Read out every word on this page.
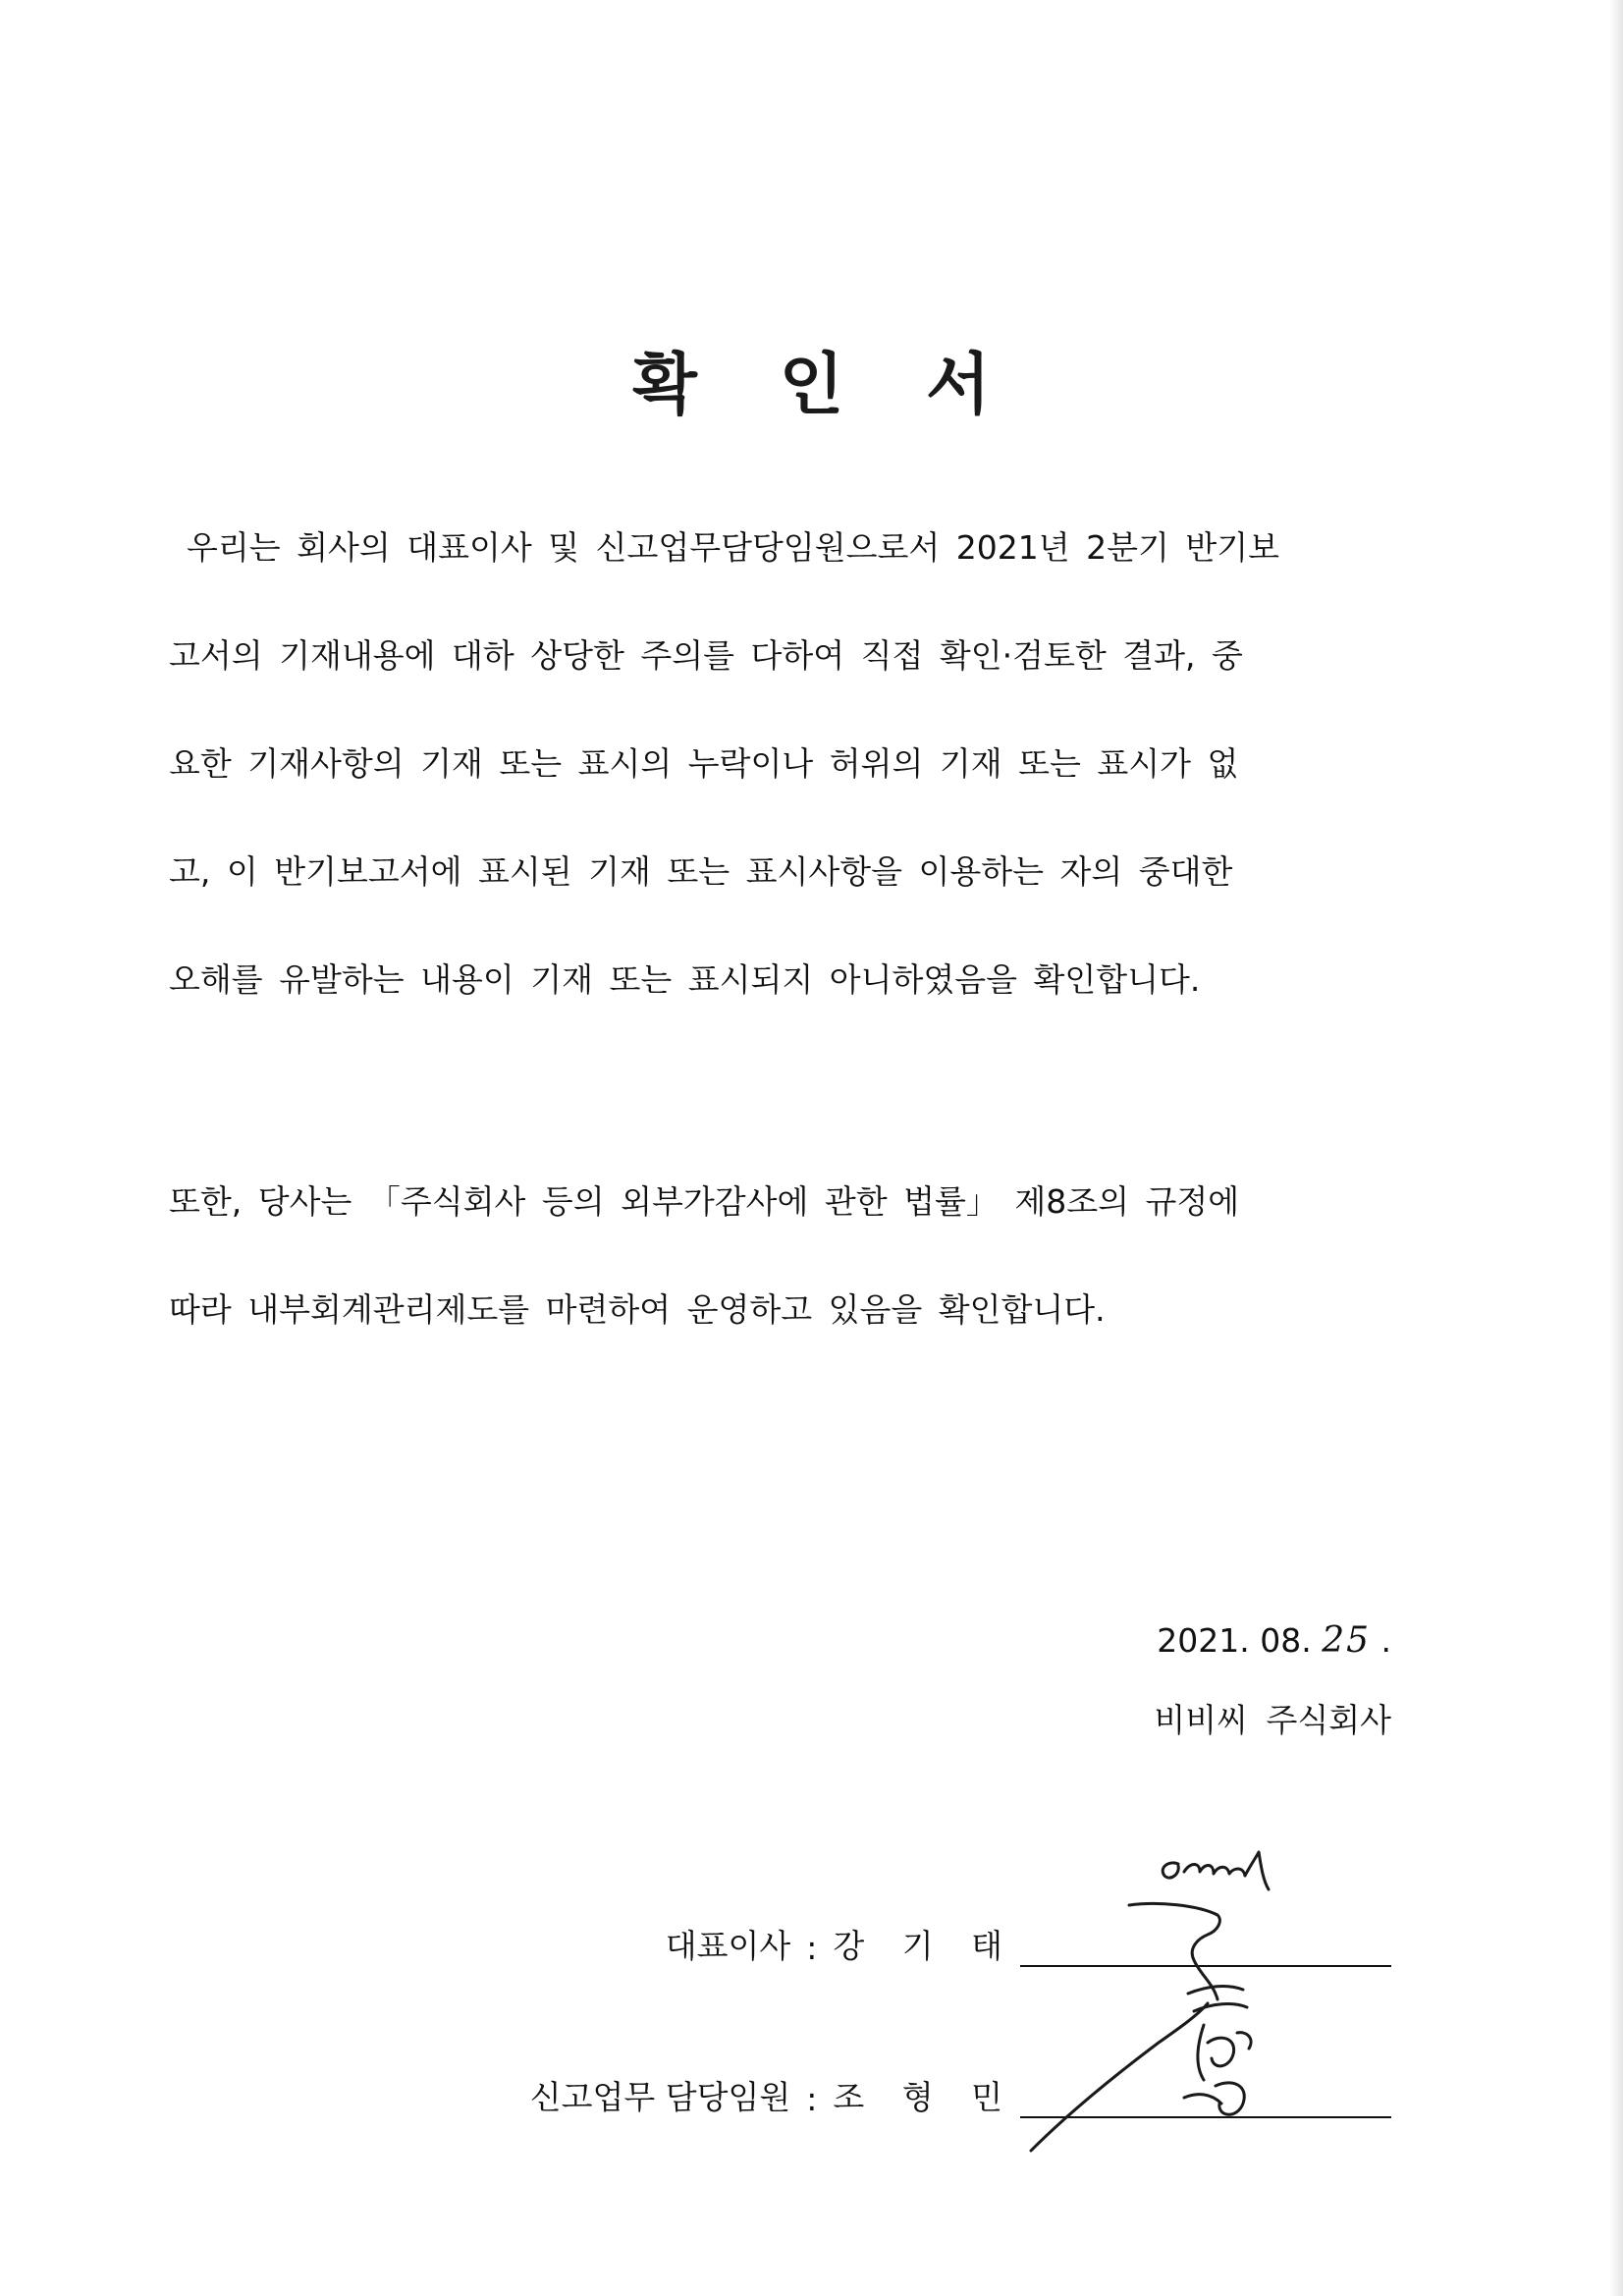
확 인 서
우리는 회사의 대표이사 및 신고업무담당임원으로서 2021년 2분기 반기보
고서의 기재내용에 대하 상당한 주의를 다하여 직접 확인·검토한 결과, 중
요한 기재사항의 기재 또는 표시의 누락이나 허위의 기재 또는 표시가 없
고, 이 반기보고서에 표시된 기재 또는 표시사항을 이용하는 자의 중대한
오해를 유발하는 내용이 기재 또는 표시되지 아니하였음을 확인합니다.
또한, 당사는 「주식회사 등의 외부가감사에 관한 법률」 제8조의 규정에
따라 내부회계관리제도를 마련하여 운영하고 있음을 확인합니다.
2021. 08. 25 .
비비씨 주식회사
대표이사 : 강 기 태
신고업무 담당임원 : 조 형 민
